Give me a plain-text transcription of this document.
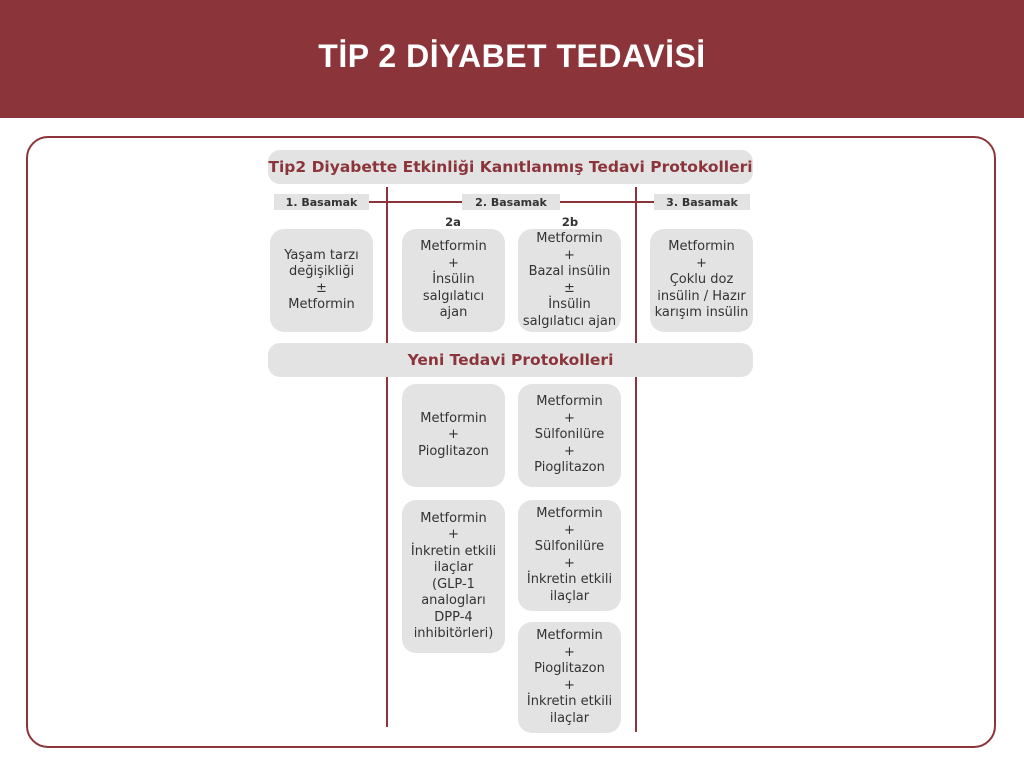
TİP 2 DİYABET TEDAVİSİ
Tip2 Diyabette Etkinliği Kanıtlanmış Tedavi Protokolleri
1. Basamak	2. Basamak	3. Basamak
2a	2b
Yaşam tarzı
değişikliği
±
Metformin
Metformin
+
İnsülin
salgılatıcı
ajan
Metformin
+
Bazal insülin
±
İnsülin
salgılatıcı ajan
Metformin
+
Çoklu doz
insülin / Hazır
karışım insülin
Yeni Tedavi Protokolleri
Metformin
+
Pioglitazon
Metformin
+
Sülfonilüre
+
Pioglitazon
Metformin
+
İnkretin etkili
ilaçlar
(GLP-1
analogları
DPP-4
inhibitörleri)
Metformin
+
Sülfonilüre
+
İnkretin etkili
ilaçlar
Metformin
+
Pioglitazon
+
İnkretin etkili
ilaçlar
